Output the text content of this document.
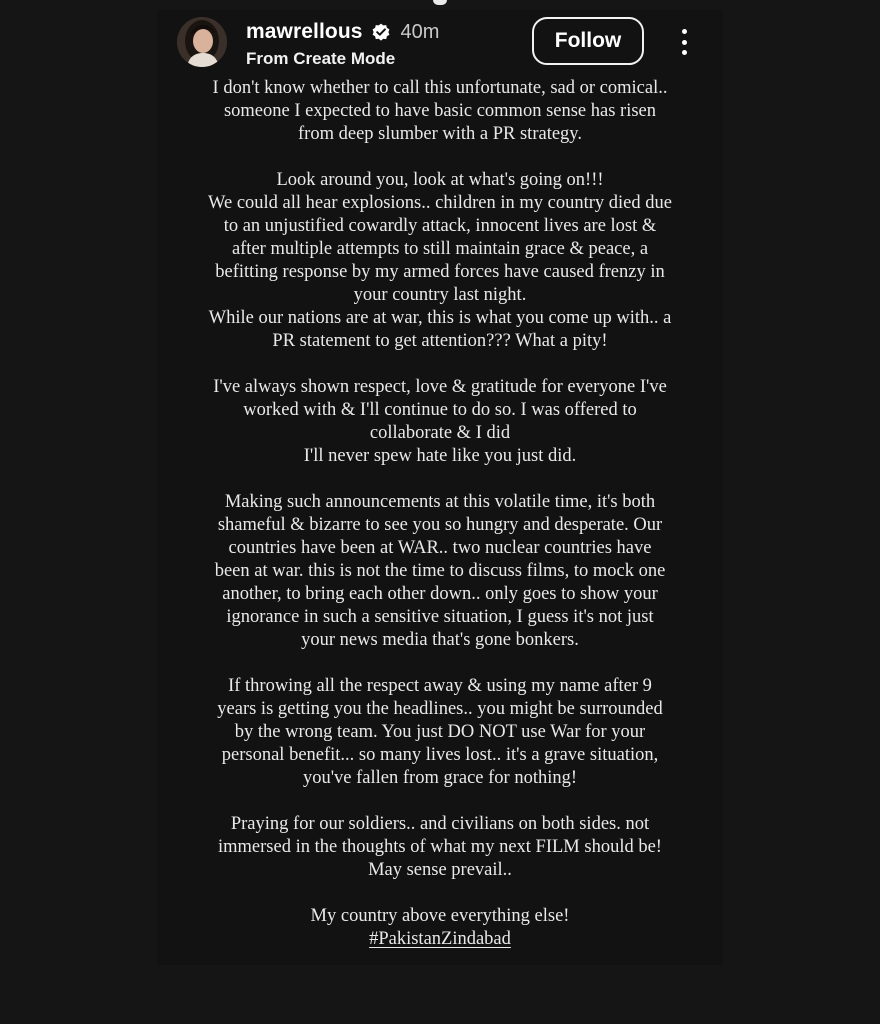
mawrellous 40m
From Create Mode
Follow
I don't know whether to call this unfortunate, sad or comical..
someone I expected to have basic common sense has risen
from deep slumber with a PR strategy.
Look around you, look at what's going on!!!
We could all hear explosions.. children in my country died due
to an unjustified cowardly attack, innocent lives are lost &
after multiple attempts to still maintain grace & peace, a
befitting response by my armed forces have caused frenzy in
your country last night.
While our nations are at war, this is what you come up with.. a
PR statement to get attention??? What a pity!
I've always shown respect, love & gratitude for everyone I've
worked with & I'll continue to do so. I was offered to
collaborate & I did
I'll never spew hate like you just did.
Making such announcements at this volatile time, it's both
shameful & bizarre to see you so hungry and desperate. Our
countries have been at WAR.. two nuclear countries have
been at war. this is not the time to discuss films, to mock one
another, to bring each other down.. only goes to show your
ignorance in such a sensitive situation, I guess it's not just
your news media that's gone bonkers.
If throwing all the respect away & using my name after 9
years is getting you the headlines.. you might be surrounded
by the wrong team. You just DO NOT use War for your
personal benefit... so many lives lost.. it's a grave situation,
you've fallen from grace for nothing!
Praying for our soldiers.. and civilians on both sides. not
immersed in the thoughts of what my next FILM should be!
May sense prevail..
My country above everything else!
#PakistanZindabad
